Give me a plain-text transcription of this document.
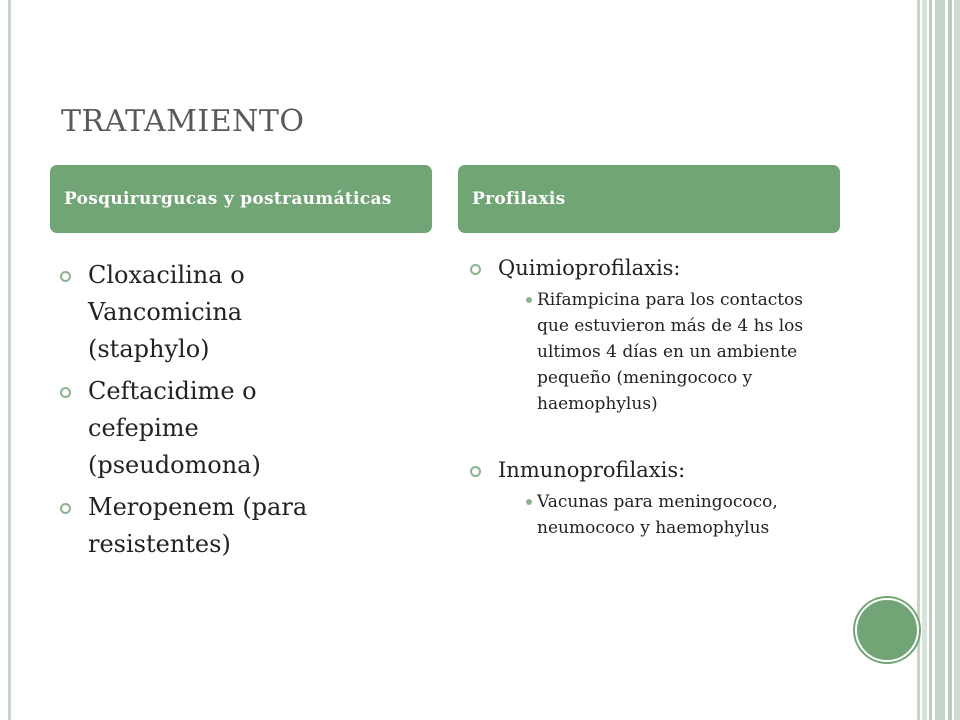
TRATAMIENTO
Posquirurgucas y postraumáticas	Profilaxis
Cloxacilina o Vancomicina (staphylo)
Ceftacidime o cefepime (pseudomona)
Meropenem (para resistentes)
Quimioprofilaxis:
Rifampicina para los contactos que estuvieron más de 4 hs los ultimos 4 días en un ambiente pequeño (meningococo y haemophylus)
Inmunoprofilaxis:
Vacunas para meningococo, neumococo y haemophylus
